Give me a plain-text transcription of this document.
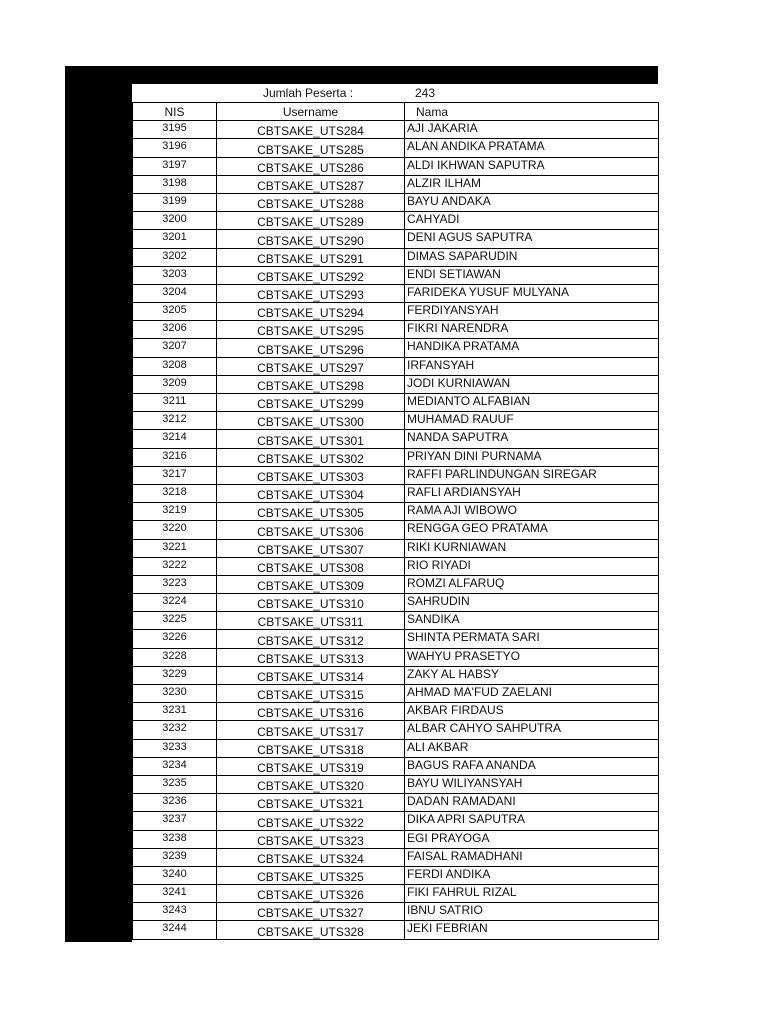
Jumlah Peserta :	243
NIS	Username	Nama
3195	CBTSAKE_UTS284	AJI JAKARIA
3196	CBTSAKE_UTS285	ALAN ANDIKA PRATAMA
3197	CBTSAKE_UTS286	ALDI IKHWAN SAPUTRA
3198	CBTSAKE_UTS287	ALZIR ILHAM
3199	CBTSAKE_UTS288	BAYU ANDAKA
3200	CBTSAKE_UTS289	CAHYADI
3201	CBTSAKE_UTS290	DENI AGUS SAPUTRA
3202	CBTSAKE_UTS291	DIMAS SAPARUDIN
3203	CBTSAKE_UTS292	ENDI SETIAWAN
3204	CBTSAKE_UTS293	FARIDEKA YUSUF MULYANA
3205	CBTSAKE_UTS294	FERDIYANSYAH
3206	CBTSAKE_UTS295	FIKRI NARENDRA
3207	CBTSAKE_UTS296	HANDIKA PRATAMA
3208	CBTSAKE_UTS297	IRFANSYAH
3209	CBTSAKE_UTS298	JODI KURNIAWAN
3211	CBTSAKE_UTS299	MEDIANTO ALFABIAN
3212	CBTSAKE_UTS300	MUHAMAD RAUUF
3214	CBTSAKE_UTS301	NANDA SAPUTRA
3216	CBTSAKE_UTS302	PRIYAN DINI PURNAMA
3217	CBTSAKE_UTS303	RAFFI PARLINDUNGAN SIREGAR
3218	CBTSAKE_UTS304	RAFLI ARDIANSYAH
3219	CBTSAKE_UTS305	RAMA AJI WIBOWO
3220	CBTSAKE_UTS306	RENGGA GEO PRATAMA
3221	CBTSAKE_UTS307	RIKI KURNIAWAN
3222	CBTSAKE_UTS308	RIO RIYADI
3223	CBTSAKE_UTS309	ROMZI ALFARUQ
3224	CBTSAKE_UTS310	SAHRUDIN
3225	CBTSAKE_UTS311	SANDIKA
3226	CBTSAKE_UTS312	SHINTA PERMATA SARI
3228	CBTSAKE_UTS313	WAHYU PRASETYO
3229	CBTSAKE_UTS314	ZAKY AL HABSY
3230	CBTSAKE_UTS315	AHMAD MA'FUD ZAELANI
3231	CBTSAKE_UTS316	AKBAR FIRDAUS
3232	CBTSAKE_UTS317	ALBAR CAHYO SAHPUTRA
3233	CBTSAKE_UTS318	ALI AKBAR
3234	CBTSAKE_UTS319	BAGUS RAFA ANANDA
3235	CBTSAKE_UTS320	BAYU WILIYANSYAH
3236	CBTSAKE_UTS321	DADAN RAMADANI
3237	CBTSAKE_UTS322	DIKA APRI SAPUTRA
3238	CBTSAKE_UTS323	EGI PRAYOGA
3239	CBTSAKE_UTS324	FAISAL RAMADHANI
3240	CBTSAKE_UTS325	FERDI ANDIKA
3241	CBTSAKE_UTS326	FIKI FAHRUL RIZAL
3243	CBTSAKE_UTS327	IBNU SATRIO
3244	CBTSAKE_UTS328	JEKI FEBRIAN
